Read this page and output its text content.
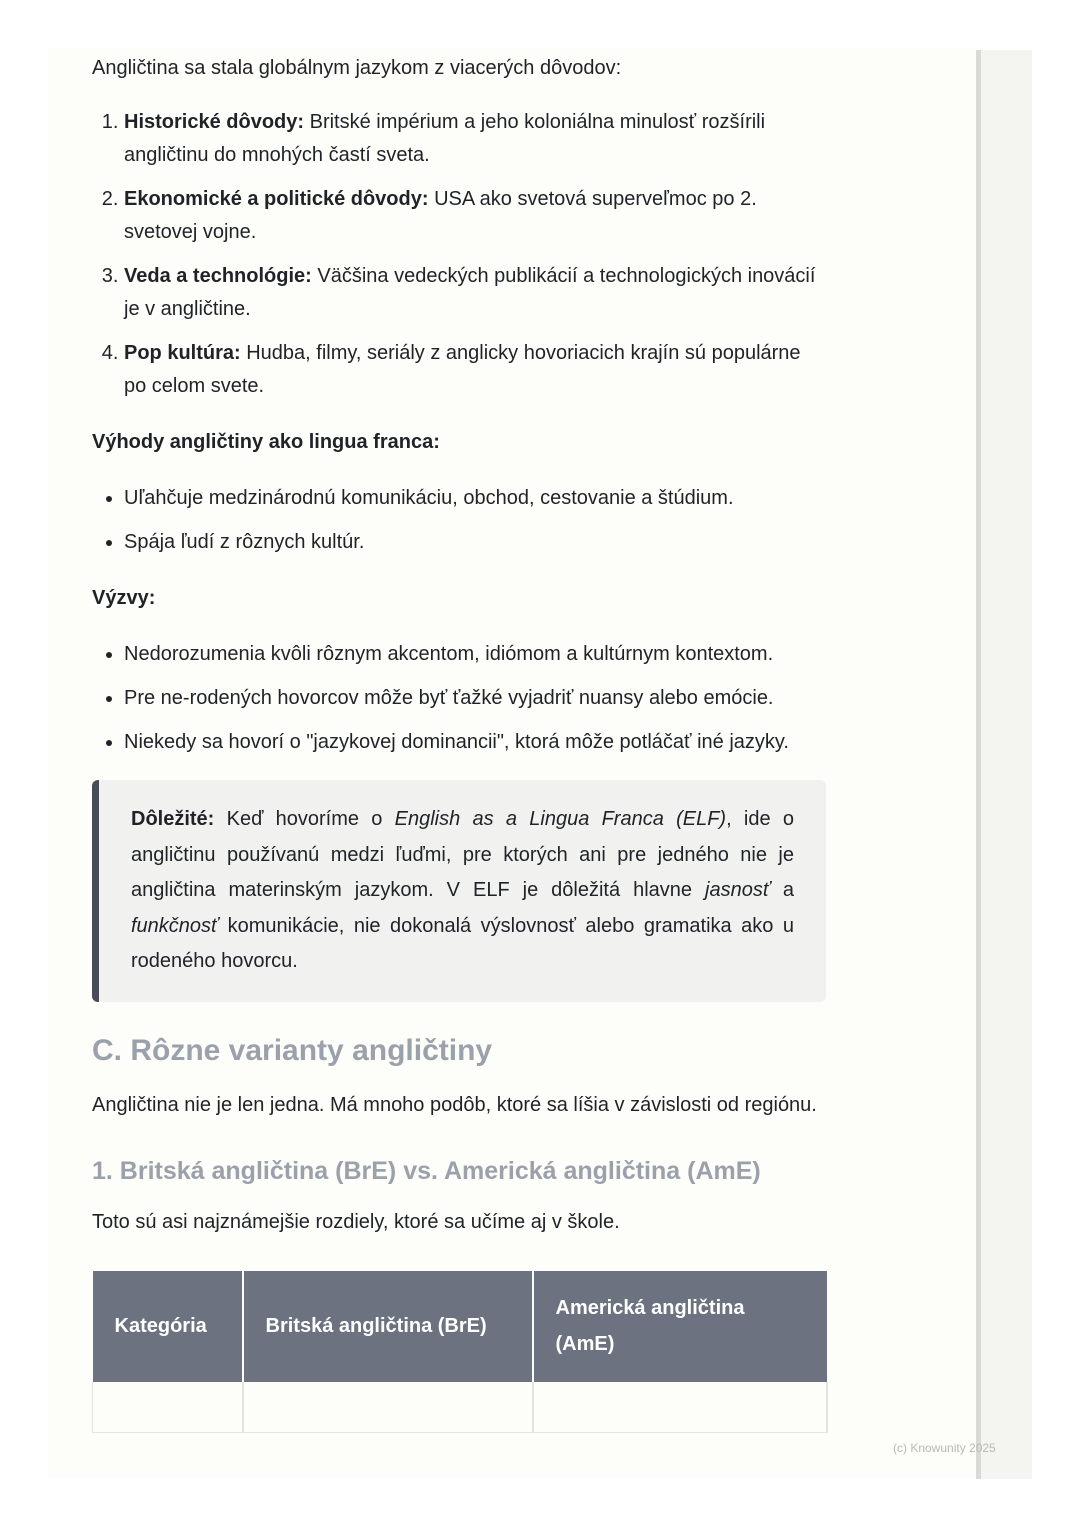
Angličtina sa stala globálnym jazykom z viacerých dôvodov:

1. Historické dôvody: Britské impérium a jeho koloniálna minulosť rozšírili angličtinu do mnohých častí sveta.
2. Ekonomické a politické dôvody: USA ako svetová superveľmoc po 2. svetovej vojne.
3. Veda a technológie: Väčšina vedeckých publikácií a technologických inovácií je v angličtine.
4. Pop kultúra: Hudba, filmy, seriály z anglicky hovoriacich krajín sú populárne po celom svete.

Výhody angličtiny ako lingua franca:

• Uľahčuje medzinárodnú komunikáciu, obchod, cestovanie a štúdium.
• Spája ľudí z rôznych kultúr.

Výzvy:

• Nedorozumenia kvôli rôznym akcentom, idiómom a kultúrnym kontextom.
• Pre ne-rodených hovorcov môže byť ťažké vyjadriť nuansy alebo emócie.
• Niekedy sa hovorí o "jazykovej dominancii", ktorá môže potláčať iné jazyky.
Dôležité: Keď hovoríme o English as a Lingua Franca (ELF), ide o angličtinu používanú medzi ľuďmi, pre ktorých ani pre jedného nie je angličtina materinským jazykom. V ELF je dôležitá hlavne jasnosť a funkčnosť komunikácie, nie dokonalá výslovnosť alebo gramatika ako u rodeného hovorcu.
C. Rôzne varianty angličtiny

Angličtina nie je len jedna. Má mnoho podôb, ktoré sa líšia v závislosti od regiónu.

1. Britská angličtina (BrE) vs. Americká angličtina (AmE)

Toto sú asi najznámejšie rozdiely, ktoré sa učíme aj v škole.

Kategória	Britská angličtina (BrE)	Americká angličtina (AmE)

(c) Knowunity 2025
